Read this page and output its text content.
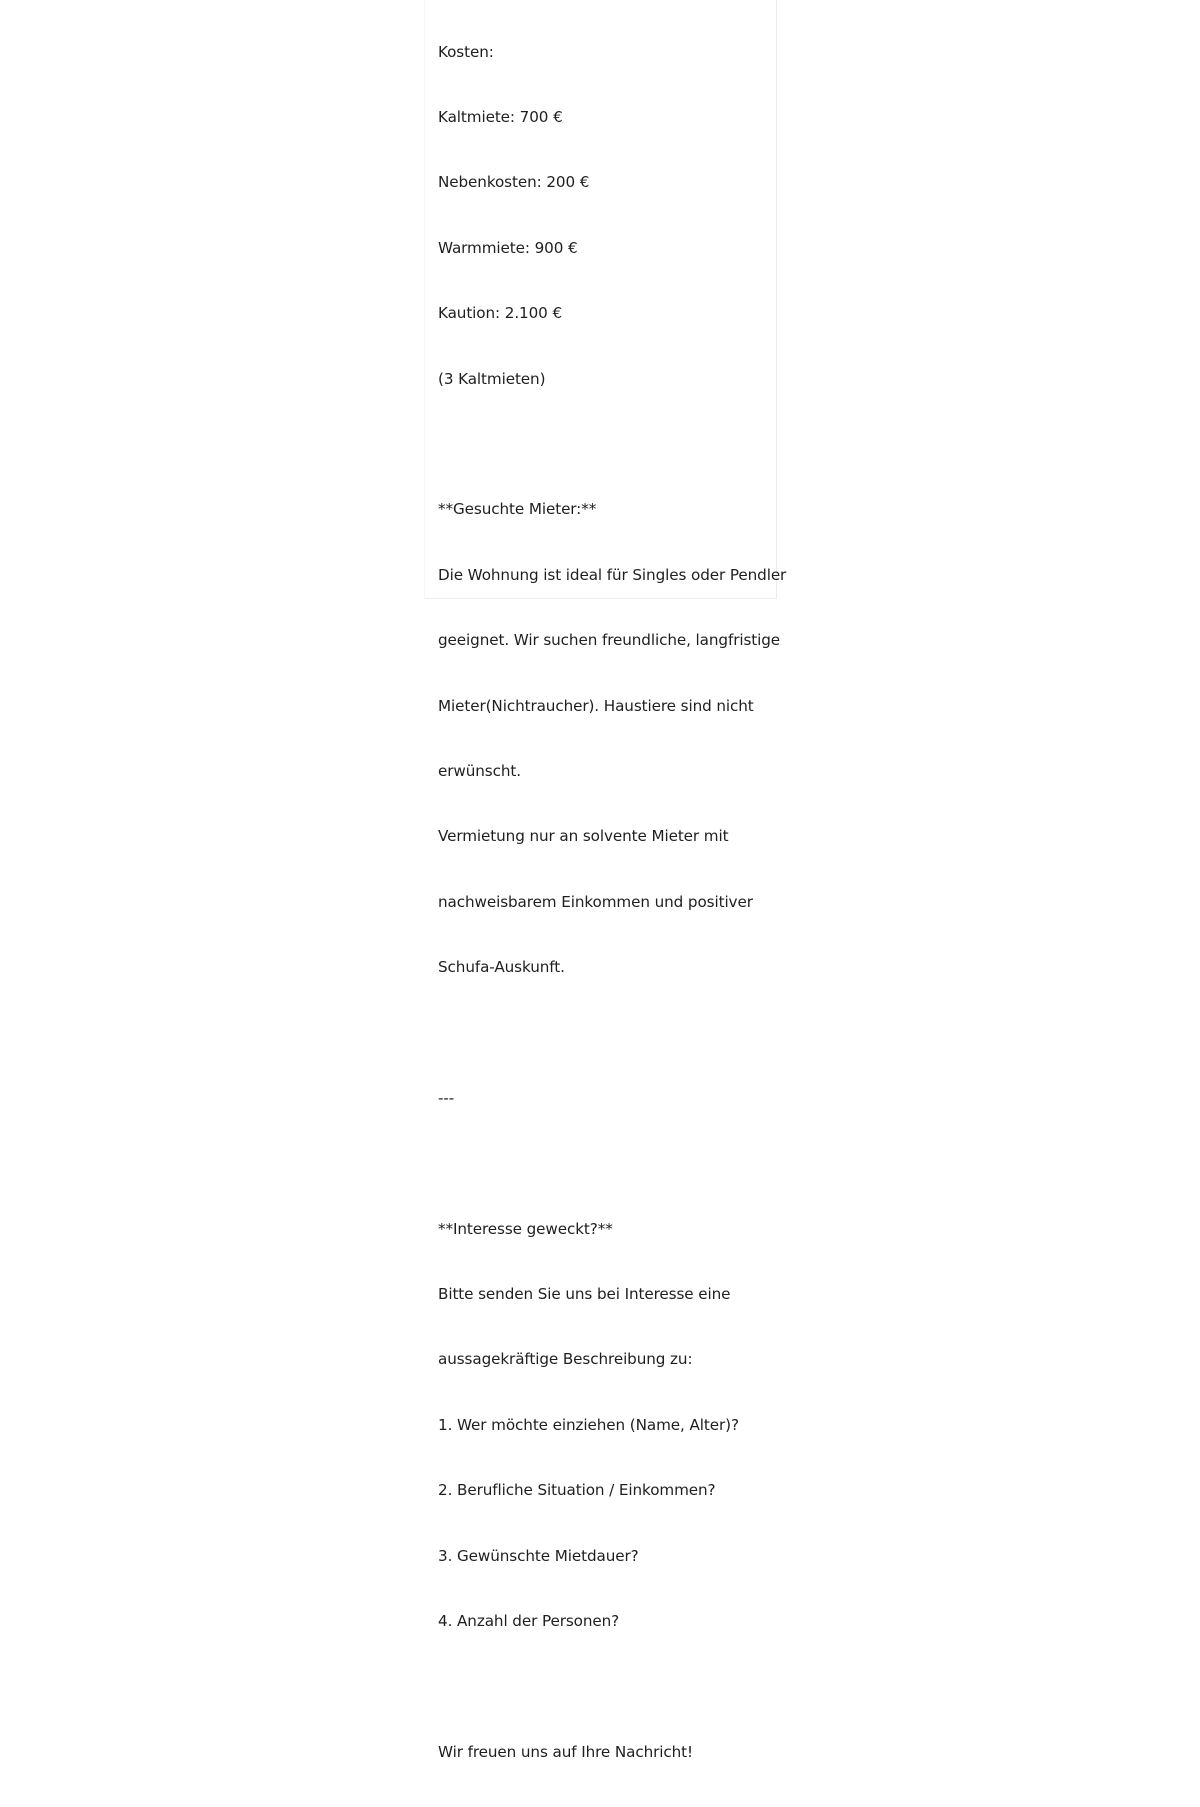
Kosten:

Kaltmiete: 700 €

Nebenkosten: 200 €

Warmmiete: 900 €

Kaution: 2.100 €

(3 Kaltmieten)

**Gesuchte Mieter:**

Die Wohnung ist ideal für Singles oder Pendler

geeignet. Wir suchen freundliche, langfristige

Mieter(Nichtraucher). Haustiere sind nicht

erwünscht.

Vermietung nur an solvente Mieter mit

nachweisbarem Einkommen und positiver

Schufa-Auskunft.

---

**Interesse geweckt?**

Bitte senden Sie uns bei Interesse eine

aussagekräftige Beschreibung zu:

1. Wer möchte einziehen (Name, Alter)?

2. Berufliche Situation / Einkommen?

3. Gewünschte Mietdauer?

4. Anzahl der Personen?

Wir freuen uns auf Ihre Nachricht!
